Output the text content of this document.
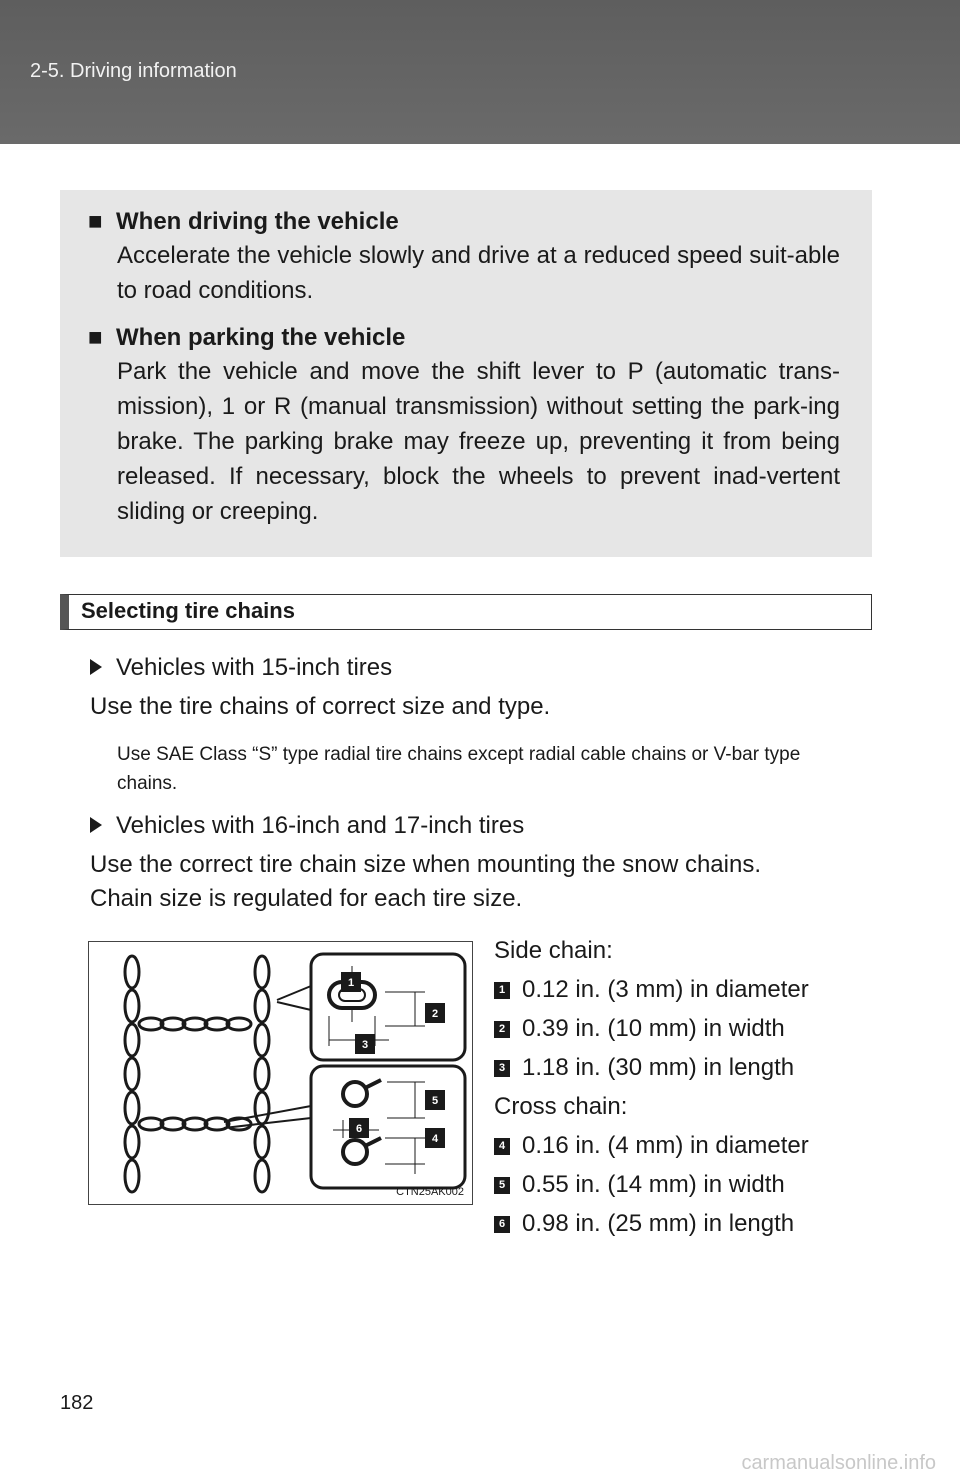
2-5. Driving information
■ When driving the vehicle
Accelerate the vehicle slowly and drive at a reduced speed suit-able to road conditions.
■ When parking the vehicle
Park the vehicle and move the shift lever to P (automatic trans-mission), 1 or R (manual transmission) without setting the park-ing brake. The parking brake may freeze up, preventing it from being released. If necessary, block the wheels to prevent inad-vertent sliding or creeping.
Selecting tire chains
Vehicles with 15-inch tires
Use the tire chains of correct size and type.
Use SAE Class “S” type radial tire chains except radial cable chains or V-bar type chains.
Vehicles with 16-inch and 17-inch tires
Use the correct tire chain size when mounting the snow chains.
Chain size is regulated for each tire size.
1
2
3
4
5
6
CTN25AK002
Side chain:
1 0.12 in. (3 mm) in diameter
2 0.39 in. (10 mm) in width
3 1.18 in. (30 mm) in length
Cross chain:
4 0.16 in. (4 mm) in diameter
5 0.55 in. (14 mm) in width
6 0.98 in. (25 mm) in length
182
carmanualsonline.info
